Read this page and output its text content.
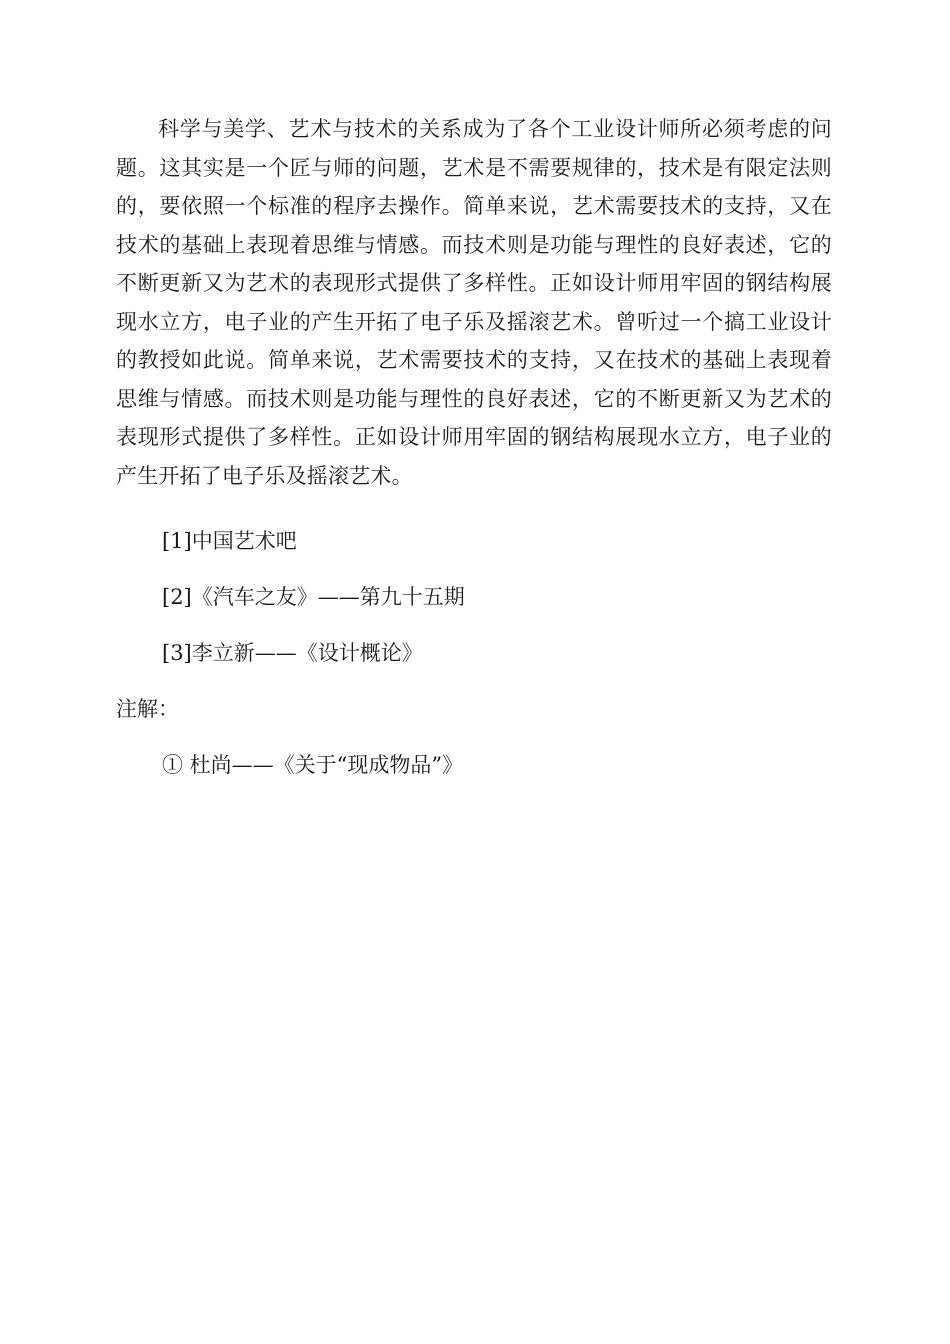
科学与美学、艺术与技术的关系成为了各个工业设计师所必须考虑的问题。这其实是一个匠与师的问题，艺术是不需要规律的，技术是有限定法则的，要依照一个标准的程序去操作。简单来说，艺术需要技术的支持，又在技术的基础上表现着思维与情感。而技术则是功能与理性的良好表述，它的不断更新又为艺术的表现形式提供了多样性。正如设计师用牢固的钢结构展现水立方，电子业的产生开拓了电子乐及摇滚艺术。曾听过一个搞工业设计的教授如此说。简单来说，艺术需要技术的支持，又在技术的基础上表现着思维与情感。而技术则是功能与理性的良好表述，它的不断更新又为艺术的表现形式提供了多样性。正如设计师用牢固的钢结构展现水立方，电子业的产生开拓了电子乐及摇滚艺术。

[1]中国艺术吧

[2]《汽车之友》——第九十五期

[3]李立新——《设计概论》

注解：

① 杜尚——《关于“现成物品”》
